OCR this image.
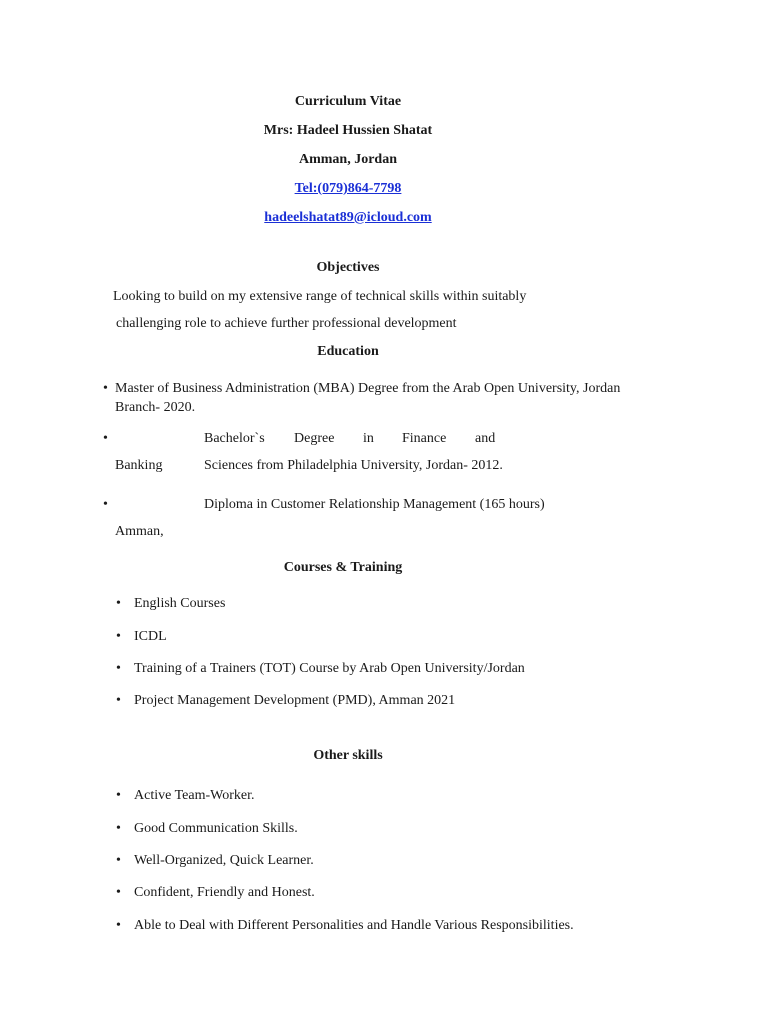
Curriculum Vitae
Mrs: Hadeel Hussien Shatat
Amman, Jordan
Tel:(079)864-7798
hadeelshatat89@icloud.com
Objectives
Looking to build on my extensive range of technical skills within suitably
challenging role to achieve further professional development
Education
•
Master of Business Administration (MBA) Degree from the Arab Open University, Jordan
Branch- 2020.
•
Bachelor`s Degree in Finance and
Banking	Sciences from Philadelphia University, Jordan- 2012.
•
Diploma in Customer Relationship Management (165 hours)
Amman,
Courses & Training
•
English Courses
•
ICDL
•
Training of a Trainers (TOT) Course by Arab Open University/Jordan
•
Project Management Development (PMD), Amman 2021
Other skills
•
Active Team-Worker.
•
Good Communication Skills.
•
Well-Organized, Quick Learner.
•
Confident, Friendly and Honest.
•
Able to Deal with Different Personalities and Handle Various Responsibilities.
